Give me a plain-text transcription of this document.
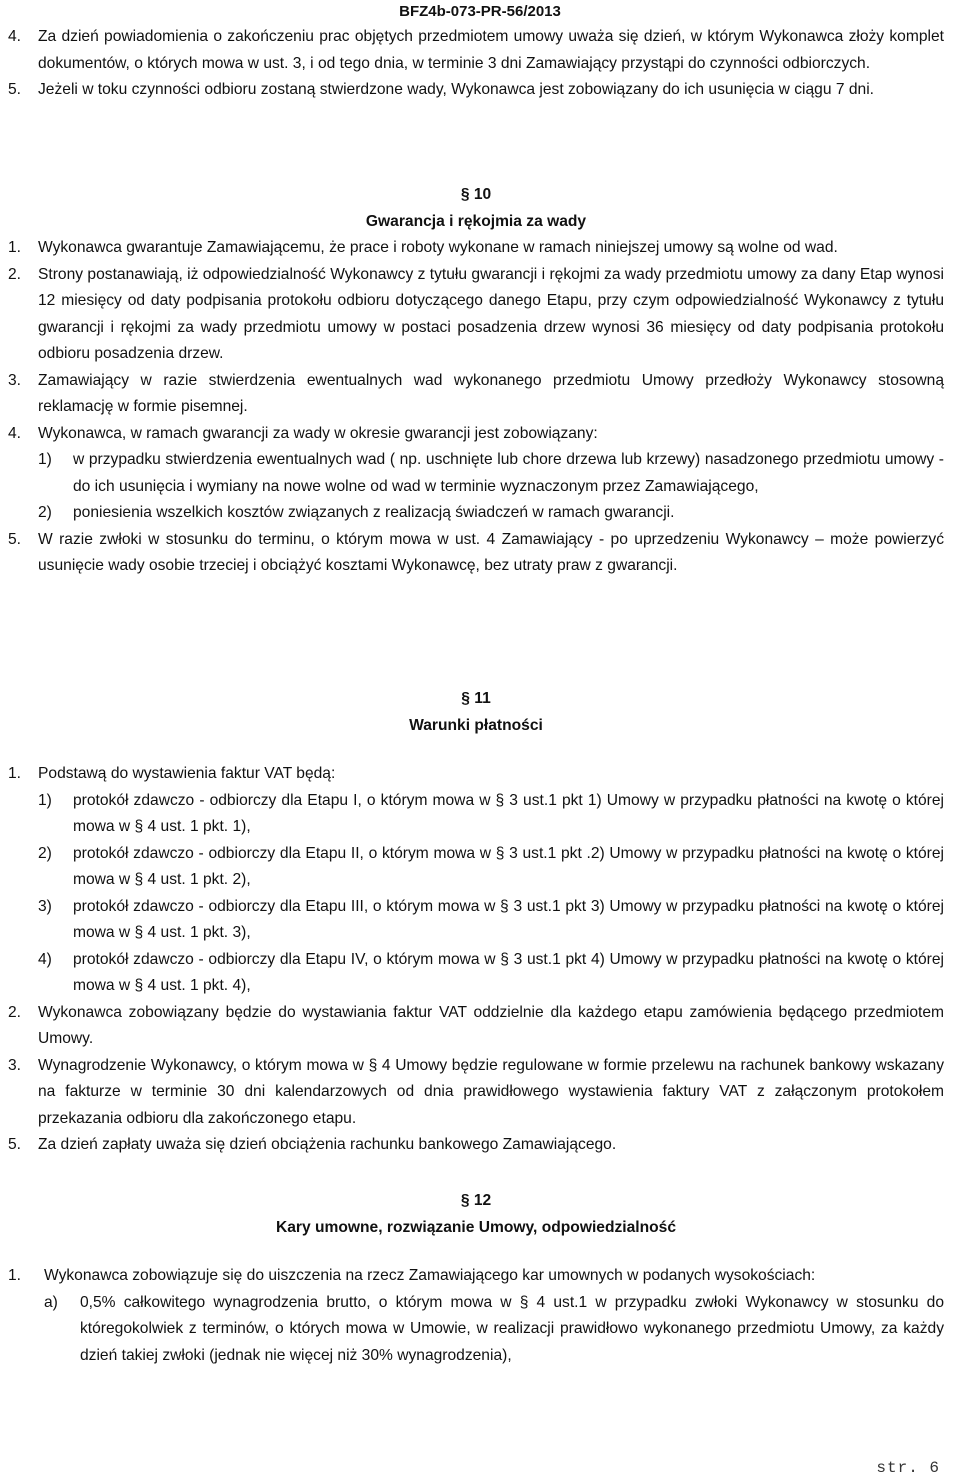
BFZ4b-073-PR-56/2013
4. Za dzień powiadomienia o zakończeniu prac objętych przedmiotem umowy uważa się dzień, w którym Wykonawca złoży komplet dokumentów, o których mowa w ust. 3, i od tego dnia, w terminie 3 dni Zamawiający przystąpi do czynności odbiorczych.
5. Jeżeli w toku czynności odbioru zostaną stwierdzone wady, Wykonawca jest zobowiązany do ich usunięcia w ciągu 7 dni.
§ 10
Gwarancja i rękojmia za wady
1. Wykonawca gwarantuje Zamawiającemu, że prace i roboty wykonane w ramach niniejszej umowy są wolne od wad.
2. Strony postanawiają, iż odpowiedzialność Wykonawcy z tytułu gwarancji i rękojmi za wady przedmiotu umowy za dany Etap wynosi 12 miesięcy od daty podpisania protokołu odbioru dotyczącego danego Etapu, przy czym odpowiedzialność Wykonawcy z tytułu gwarancji i rękojmi za wady przedmiotu umowy w postaci posadzenia drzew wynosi 36 miesięcy od daty podpisania protokołu odbioru posadzenia drzew.
3. Zamawiający w razie stwierdzenia ewentualnych wad wykonanego przedmiotu Umowy przedłoży Wykonawcy stosowną reklamację w formie pisemnej.
4. Wykonawca, w ramach gwarancji za wady w okresie gwarancji jest zobowiązany:
1) w przypadku stwierdzenia ewentualnych wad ( np. uschnięte lub chore drzewa lub krzewy) nasadzonego przedmiotu umowy - do ich usunięcia i wymiany na nowe wolne od wad w terminie wyznaczonym przez Zamawiającego,
2) poniesienia wszelkich kosztów związanych z realizacją świadczeń w ramach gwarancji.
5. W razie zwłoki w stosunku do terminu, o którym mowa w ust. 4 Zamawiający - po uprzedzeniu Wykonawcy – może powierzyć usunięcie wady osobie trzeciej i obciążyć kosztami Wykonawcę, bez utraty praw z gwarancji.
§ 11
Warunki płatności
1. Podstawą do wystawienia faktur VAT będą:
1) protokół zdawczo - odbiorczy dla Etapu I, o którym mowa w § 3 ust.1 pkt 1) Umowy w przypadku płatności na kwotę o której mowa w § 4 ust. 1 pkt. 1),
2) protokół zdawczo - odbiorczy dla Etapu II, o którym mowa w § 3 ust.1 pkt .2) Umowy w przypadku płatności na kwotę o której mowa w § 4 ust. 1 pkt. 2),
3) protokół zdawczo - odbiorczy dla Etapu III, o którym mowa w § 3 ust.1 pkt 3) Umowy w przypadku płatności na kwotę o której mowa w § 4 ust. 1 pkt. 3),
4) protokół zdawczo - odbiorczy dla Etapu IV, o którym mowa w § 3 ust.1 pkt 4) Umowy w przypadku płatności na kwotę o której mowa w § 4 ust. 1 pkt. 4),
2. Wykonawca zobowiązany będzie do wystawiania faktur VAT oddzielnie dla każdego etapu zamówienia będącego przedmiotem Umowy.
3. Wynagrodzenie Wykonawcy, o którym mowa w § 4 Umowy będzie regulowane w formie przelewu na rachunek bankowy wskazany na fakturze w terminie 30 dni kalendarzowych od dnia prawidłowego wystawienia faktury VAT z załączonym protokołem przekazania odbioru dla zakończonego etapu.
5. Za dzień zapłaty uważa się dzień obciążenia rachunku bankowego Zamawiającego.
§ 12
Kary umowne, rozwiązanie Umowy, odpowiedzialność
1. Wykonawca zobowiązuje się do uiszczenia na rzecz Zamawiającego kar umownych w podanych wysokościach:
a) 0,5% całkowitego wynagrodzenia brutto, o którym mowa w § 4 ust.1 w przypadku zwłoki Wykonawcy w stosunku do któregokolwiek z terminów, o których mowa w Umowie, w realizacji prawidłowo wykonanego przedmiotu Umowy, za każdy dzień takiej zwłoki (jednak nie więcej niż 30% wynagrodzenia),
str. 6
